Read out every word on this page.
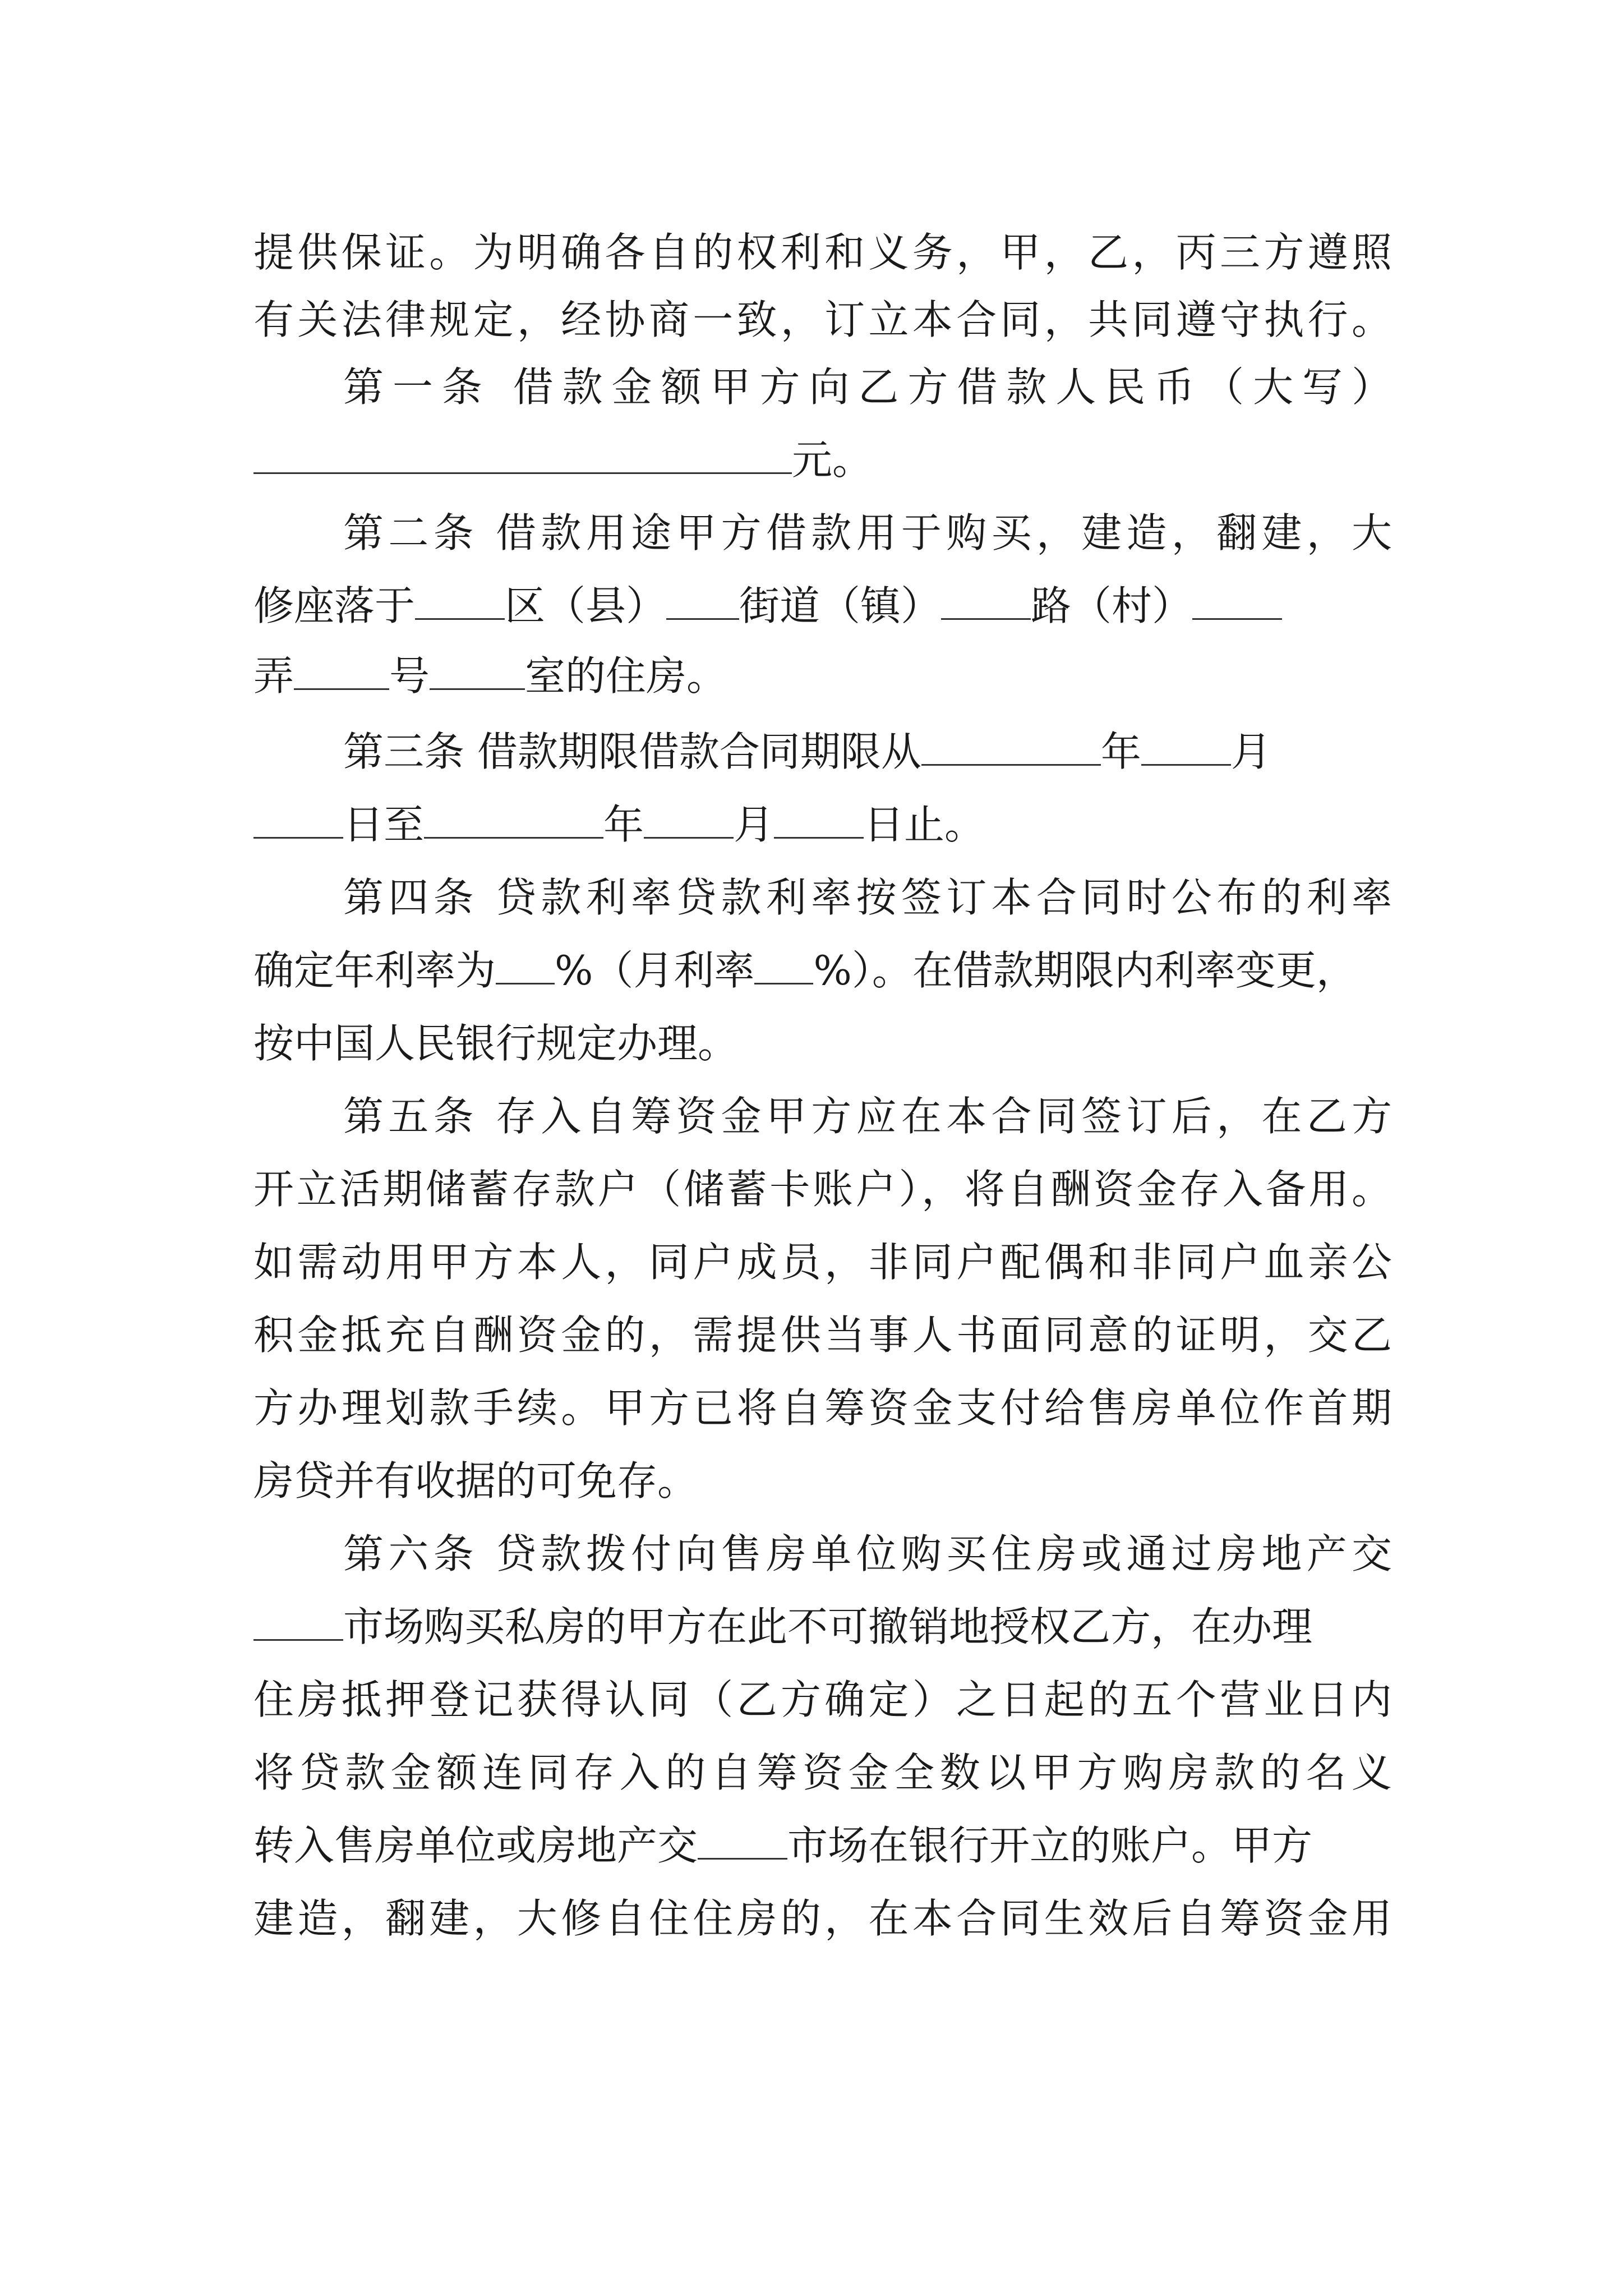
提供保证。为明确各自的权利和义务，甲，乙，丙三方遵照
有关法律规定，经协商一致，订立本合同，共同遵守执行。
第一条 借款金额甲方向乙方借款人民币（大写）
元。
第二条 借款用途甲方借款用于购买，建造，翻建，大
修座落于 区（县） 街道（镇） 路（村）
弄 号 室的住房。
第三条 借款期限借款合同期限从	年 月
日至	年 月 日止。
第四条 贷款利率贷款利率按签订本合同时公布的利率
确定年利率为 %（月利率 %）。在借款期限内利率变更，
按中国人民银行规定办理。
第五条 存入自筹资金甲方应在本合同签订后，在乙方
开立活期储蓄存款户（储蓄卡账户），将自酬资金存入备用。
如需动用甲方本人，同户成员，非同户配偶和非同户血亲公
积金抵充自酬资金的，需提供当事人书面同意的证明，交乙
方办理划款手续。甲方已将自筹资金支付给售房单位作首期
房贷并有收据的可免存。
第六条 贷款拨付向售房单位购买住房或通过房地产交
市场购买私房的甲方在此不可撤销地授权乙方，在办理
住房抵押登记获得认同（乙方确定）之日起的五个营业日内
将贷款金额连同存入的自筹资金全数以甲方购房款的名义
转入售房单位或房地产交 市场在银行开立的账户。甲方
建造，翻建，大修自住住房的，在本合同生效后自筹资金用
